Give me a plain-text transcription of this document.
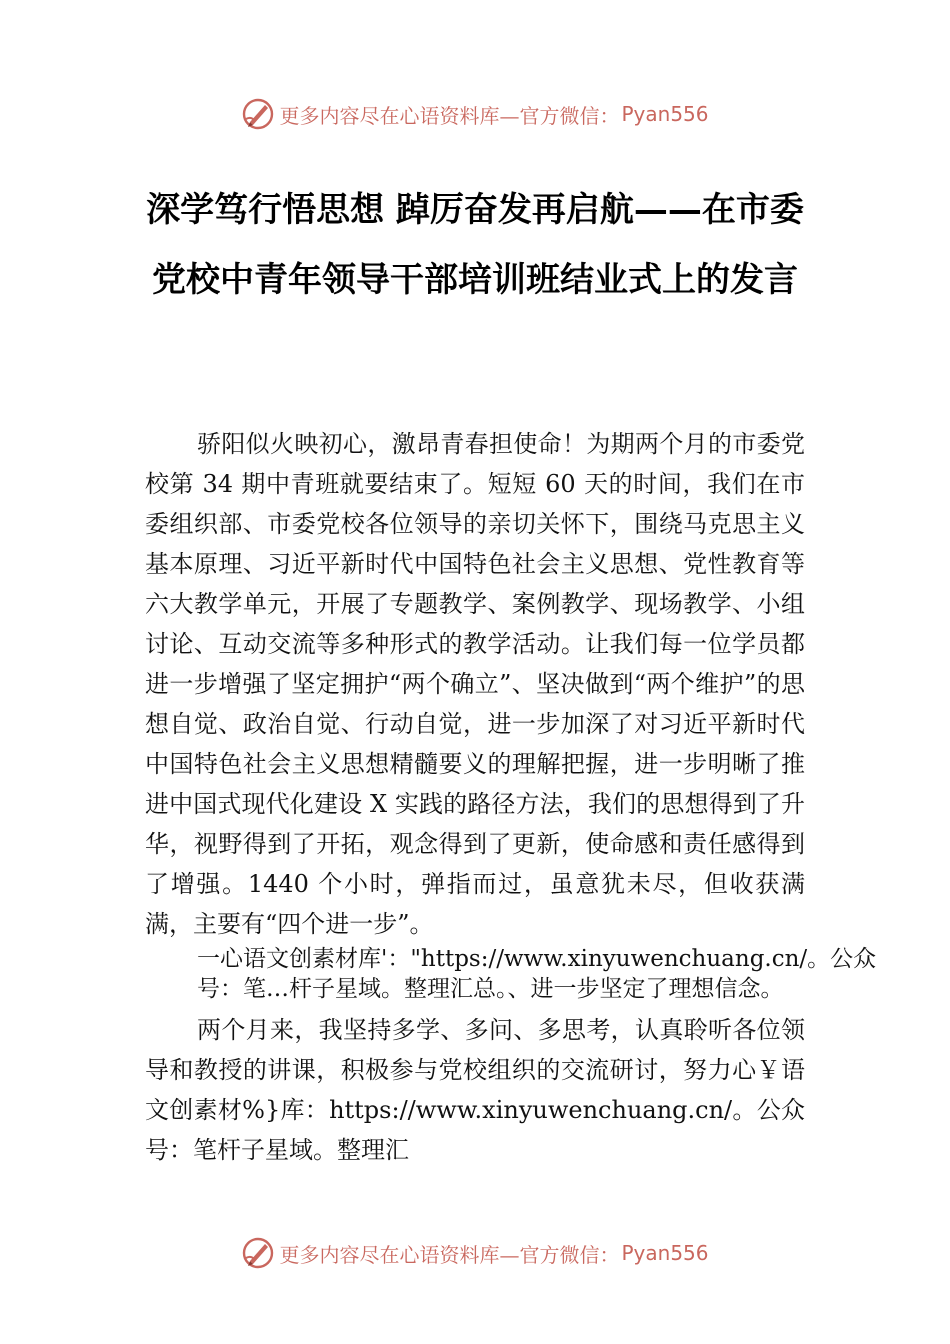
更多内容尽在心语资料库—官方微信： Pyan556
深学笃行悟思想 踔厉奋发再启航——在市委党校中青年领导干部培训班结业式上的发言

骄阳似火映初心，激昂青春担使命！为期两个月的市委党校第 34 期中青班就要结束了。短短 60 天的时间，我们在市委组织部、市委党校各位领导的亲切关怀下，围绕马克思主义基本原理、习近平新时代中国特色社会主义思想、党性教育等六大教学单元，开展了专题教学、案例教学、现场教学、小组讨论、互动交流等多种形式的教学活动。让我们每一位学员都进一步增强了坚定拥护“两个确立”、坚决做到“两个维护”的思想自觉、政治自觉、行动自觉，进一步加深了对习近平新时代中国特色社会主义思想精髓要义的理解把握，进一步明晰了推进中国式现代化建设 X 实践的路径方法，我们的思想得到了升华，视野得到了开拓，观念得到了更新，使命感和责任感得到了增强。1440 个小时，弹指而过，虽意犹未尽，但收获满满，主要有“四个进一步”。

一心语文创素材库'："https://www.xinyuwenchuang.cn/。公众号：笔…杆子星域。整理汇总。、进一步坚定了理想信念。

两个月来，我坚持多学、多问、多思考，认真聆听各位领导和教授的讲课，积极参与党校组织的交流研讨，努力心￥语文创素材%}库：https://www.xinyuwenchuang.cn/。公众号：笔杆子星域。整理汇

更多内容尽在心语资料库—官方微信： Pyan556
